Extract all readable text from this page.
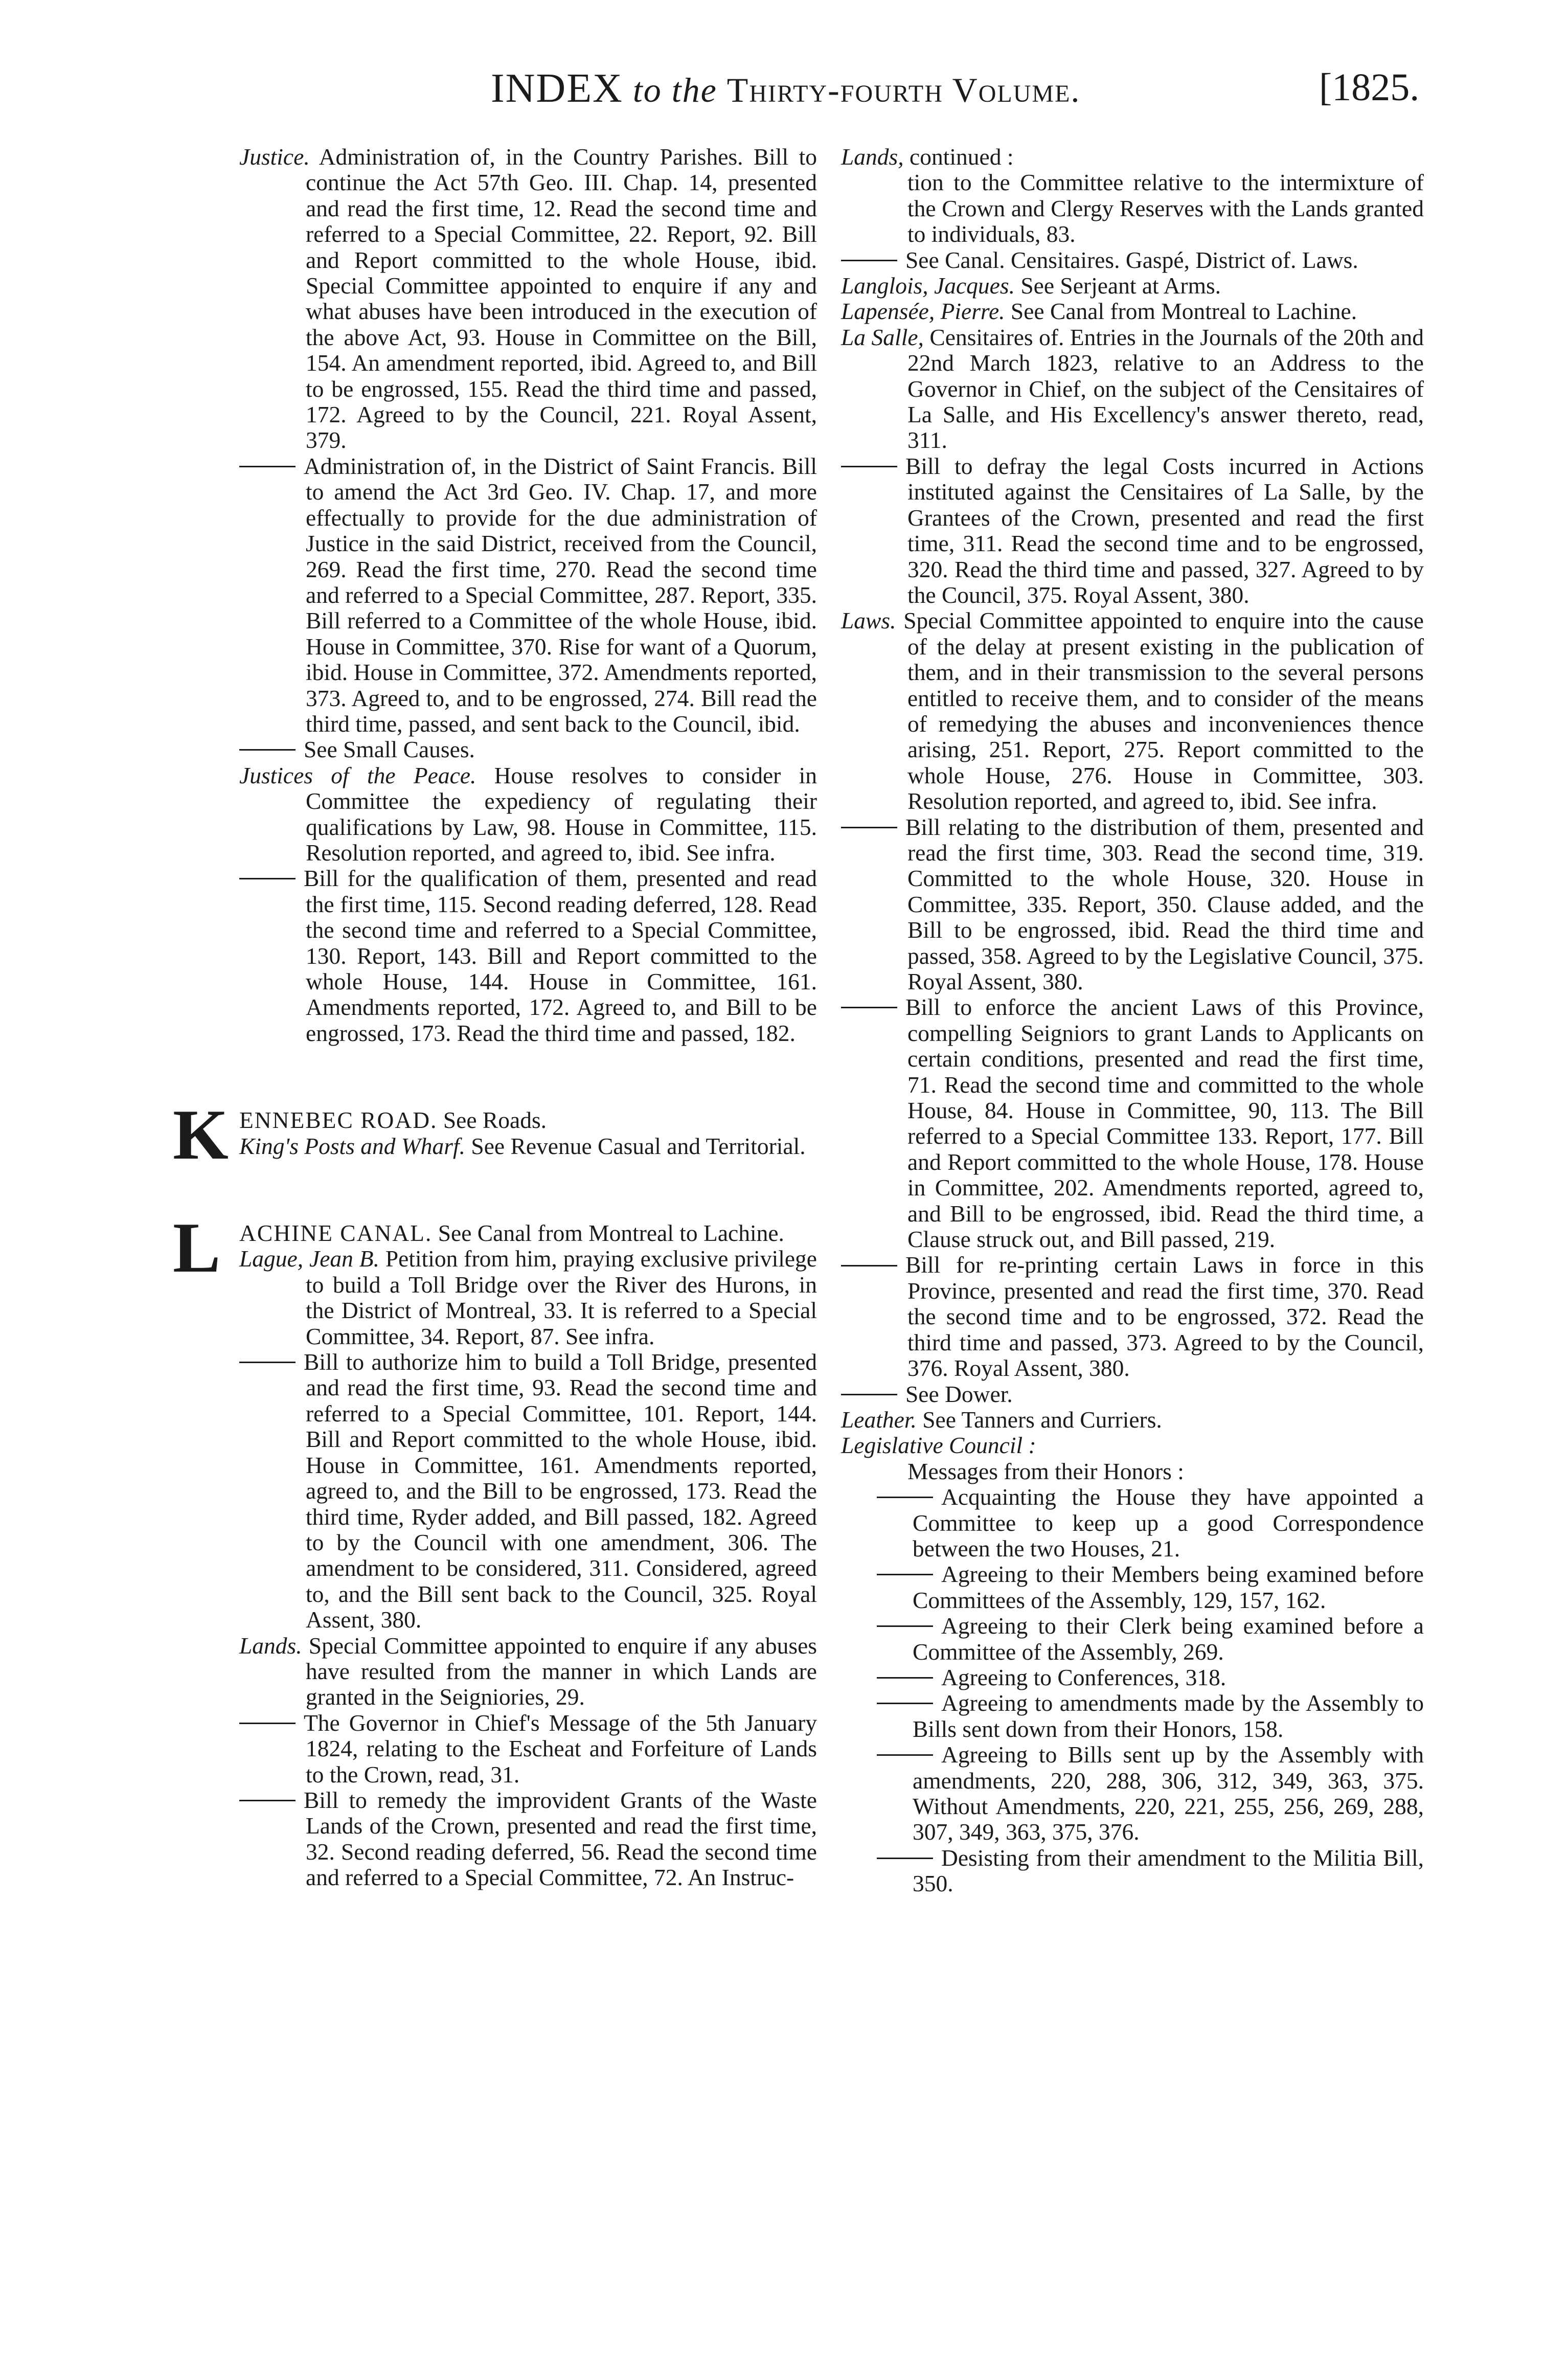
INDEX to the Thirty-fourth Volume.	[1825.

Justice. Administration of, in the Country Parishes. Bill to continue the Act 57th Geo. III. Chap. 14, presented and read the first time, 12. Read the second time and referred to a Special Committee, 22. Report, 92. Bill and Report committed to the whole House, ibid. Special Committee appointed to enquire if any and what abuses have been introduced in the execution of the above Act, 93. House in Committee on the Bill, 154. An amendment reported, ibid. Agreed to, and Bill to be engrossed, 155. Read the third time and passed, 172. Agreed to by the Council, 221. Royal Assent, 379.

Administration of, in the District of Saint Francis. Bill to amend the Act 3rd Geo. IV. Chap. 17, and more effectually to provide for the due administration of Justice in the said District, received from the Council, 269. Read the first time, 270. Read the second time and referred to a Special Committee, 287. Report, 335. Bill referred to a Committee of the whole House, ibid. House in Committee, 370. Rise for want of a Quorum, ibid. House in Committee, 372. Amendments reported, 373. Agreed to, and to be engrossed, 274. Bill read the third time, passed, and sent back to the Council, ibid.

See Small Causes.

Justices of the Peace. House resolves to consider in Committee the expediency of regulating their qualifications by Law, 98. House in Committee, 115. Resolution reported, and agreed to, ibid. See infra.

Bill for the qualification of them, presented and read the first time, 115. Second reading deferred, 128. Read the second time and referred to a Special Committee, 130. Report, 143. Bill and Report committed to the whole House, 144. House in Committee, 161. Amendments reported, 172. Agreed to, and Bill to be engrossed, 173. Read the third time and passed, 182.

KENNEBEC ROAD. See Roads.

King's Posts and Wharf. See Revenue Casual and Territorial.

LACHINE CANAL. See Canal from Montreal to Lachine.

Lague, Jean B. Petition from him, praying exclusive privilege to build a Toll Bridge over the River des Hurons, in the District of Montreal, 33. It is referred to a Special Committee, 34. Report, 87. See infra.

Bill to authorize him to build a Toll Bridge, presented and read the first time, 93. Read the second time and referred to a Special Committee, 101. Report, 144. Bill and Report committed to the whole House, ibid. House in Committee, 161. Amendments reported, agreed to, and the Bill to be engrossed, 173. Read the third time, Ryder added, and Bill passed, 182. Agreed to by the Council with one amendment, 306. The amendment to be considered, 311. Considered, agreed to, and the Bill sent back to the Council, 325. Royal Assent, 380.

Lands. Special Committee appointed to enquire if any abuses have resulted from the manner in which Lands are granted in the Seigniories, 29.

The Governor in Chief's Message of the 5th January 1824, relating to the Escheat and Forfeiture of Lands to the Crown, read, 31.

Bill to remedy the improvident Grants of the Waste Lands of the Crown, presented and read the first time, 32. Second reading deferred, 56. Read the second time and referred to a Special Committee, 72. An Instruc-

Lands, continued :

tion to the Committee relative to the intermixture of the Crown and Clergy Reserves with the Lands granted to individuals, 83.

See Canal. Censitaires. Gaspé, District of. Laws.

Langlois, Jacques. See Serjeant at Arms.

Lapensée, Pierre. See Canal from Montreal to Lachine.

La Salle, Censitaires of. Entries in the Journals of the 20th and 22nd March 1823, relative to an Address to the Governor in Chief, on the subject of the Censitaires of La Salle, and His Excellency's answer thereto, read, 311.

Bill to defray the legal Costs incurred in Actions instituted against the Censitaires of La Salle, by the Grantees of the Crown, presented and read the first time, 311. Read the second time and to be engrossed, 320. Read the third time and passed, 327. Agreed to by the Council, 375. Royal Assent, 380.

Laws. Special Committee appointed to enquire into the cause of the delay at present existing in the publication of them, and in their transmission to the several persons entitled to receive them, and to consider of the means of remedying the abuses and inconveniences thence arising, 251. Report, 275. Report committed to the whole House, 276. House in Committee, 303. Resolution reported, and agreed to, ibid. See infra.

Bill relating to the distribution of them, presented and read the first time, 303. Read the second time, 319. Committed to the whole House, 320. House in Committee, 335. Report, 350. Clause added, and the Bill to be engrossed, ibid. Read the third time and passed, 358. Agreed to by the Legislative Council, 375. Royal Assent, 380.

Bill to enforce the ancient Laws of this Province, compelling Seigniors to grant Lands to Applicants on certain conditions, presented and read the first time, 71. Read the second time and committed to the whole House, 84. House in Committee, 90, 113. The Bill referred to a Special Committee 133. Report, 177. Bill and Report committed to the whole House, 178. House in Committee, 202. Amendments reported, agreed to, and Bill to be engrossed, ibid. Read the third time, a Clause struck out, and Bill passed, 219.

Bill for re-printing certain Laws in force in this Province, presented and read the first time, 370. Read the second time and to be engrossed, 372. Read the third time and passed, 373. Agreed to by the Council, 376. Royal Assent, 380.

See Dower.

Leather. See Tanners and Curriers.

Legislative Council :

Messages from their Honors :

Acquainting the House they have appointed a Committee to keep up a good Correspondence between the two Houses, 21.

Agreeing to their Members being examined before Committees of the Assembly, 129, 157, 162.

Agreeing to their Clerk being examined before a Committee of the Assembly, 269.

Agreeing to Conferences, 318.

Agreeing to amendments made by the Assembly to Bills sent down from their Honors, 158.

Agreeing to Bills sent up by the Assembly with amendments, 220, 288, 306, 312, 349, 363, 375. Without Amendments, 220, 221, 255, 256, 269, 288, 307, 349, 363, 375, 376.

Desisting from their amendment to the Militia Bill, 350.
